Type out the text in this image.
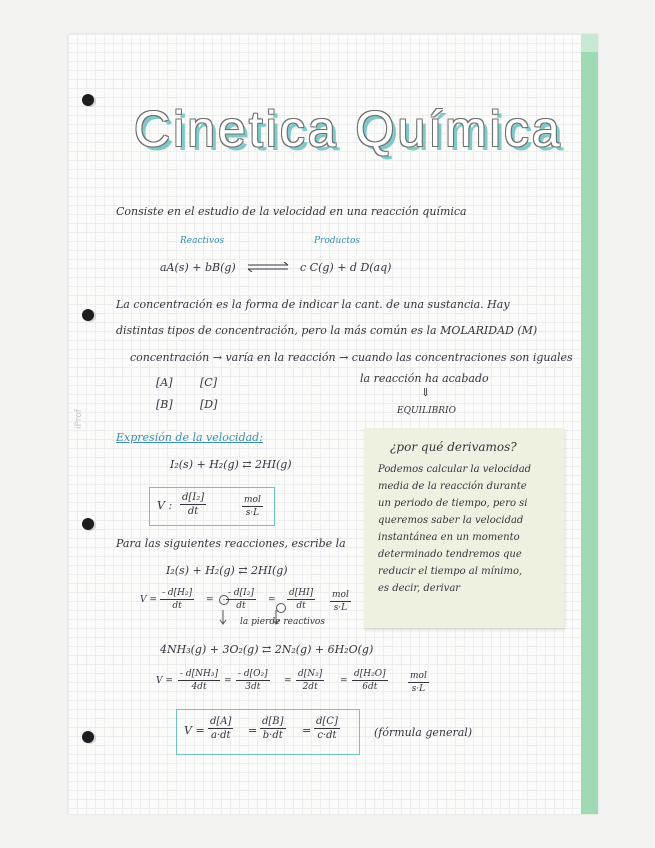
iProf
Cinetica Química
Consiste en el estudio de la velocidad en una reacción química
Reactivos	Productos
aA(s) + bB(g) ⇌ c C(g) + d D(aq)
La concentración es la forma de indicar la cant. de una sustancia. Hay
distintas tipos de concentración, pero la más común es la MOLARIDAD (M)
concentración → varía en la reacción → cuando las concentraciones son iguales
la reacción ha acabado
⇓
EQUILIBRIO
[A] [C]
[B] [D]
Expresión de la velocidad:
I₂(s) + H₂(g) ⇄ 2HI(g)
V : $\frac{\text{d[I₂]}}{dt}$	mol
s·L
¿por qué derivamos?
Podemos calcular la velocidad
media de la reacción durante
un periodo de tiempo, pero si
queremos saber la velocidad
instantánea en un momento
determinado tendremos que
reducir el tiempo al mínimo,
es decir, derivar
Para las siguientes reacciones, escribe la
I₂(s) + H₂(g) ⇄ 2HI(g)
$V = \frac{\text{- d[H₂]}}{dt}$ =	- $\frac{\text{- d[I₂]}}{dt} = \frac{d[HI]}{dt}$ mol
s·L
la pierde reactivos
4NH₃(g) + 3O₂(g) ⇄ 2N₂(g) + 6H₂O(g)
$V = \frac{\text{- d[NH₃]}}{4dt} = \frac{\text{- d[O₂]}}{3dt} = \frac{\text{d[N₂]}}{2dt} = \frac{\text{d[H₂O]}}{6dt}$ mol
s·L
$V = \frac{d[A]}{a\cdot dt} = \frac{d[B]}{b\cdot dt} = \frac{d[C]}{c\cdot dt}$	(fórmula general)
